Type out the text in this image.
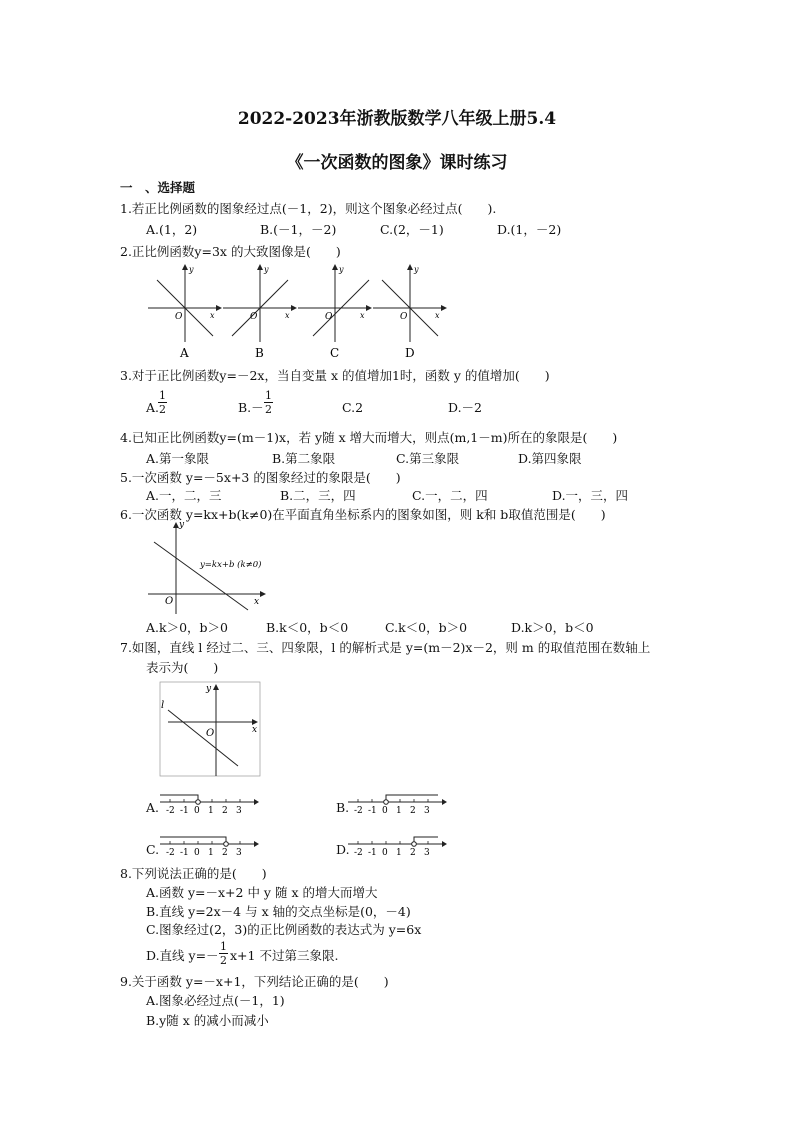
2022-2023年浙教版数学八年级上册5.4
《一次函数的图象》课时练习
一　、选择题
1.若正比例函数的图象经过点(－1，2)，则这个图象必经过点(　　).
A.(1，2)	B.(－1，－2)	C.(2，－1)	D.(1，－2)
2.正比例函数y=3x 的大致图像是(　　)
y
x
O
A
y
x
O
B
y
x
O
C
y
x
O
D
3.对于正比例函数y=－2x，当自变量 x 的值增加1时，函数 y 的值增加(　　)
A.
$\frac{1}{2}$	$B.- \frac{1}{2}$	C.2	D.－2
4.已知正比例函数y=(m－1)x，若 y随 x 增大而增大，则点(m,1－m)所在的象限是(　　)
A.第一象限	B.第二象限	C.第三象限	D.第四象限
5.一次函数 y=－5x+3 的图象经过的象限是(　　)
A.一，二，三	B.二，三，四	C.一，二，四	D.一，三，四
6.一次函数 y=kx+b(k≠0)在平面直角坐标系内的图象如图，则 k和 b取值范围是(　　)
y
x
O
y=kx+b (k≠0)
A.k＞0，b＞0	B.k＜0，b＜0	C.k＜0，b＞0	D.k＞0，b＜0
7.如图，直线 l 经过二、三、四象限，l 的解析式是 y=(m－2)x－2，则 m 的取值范围在数轴上
表示为(　　)
y
x
O
l
A. -2 -1 0 1 2 3	B. -2 -1 0 1 2 3
C. -2 -1 0 1 2 3	D. -2 -1 0 1 2 3
8.下列说法正确的是(　　)
A.函数 y=－x+2 中 y 随 x 的增大而增大
B.直线 y=2x－4 与 x 轴的交点坐标是(0，－4)
C.图象经过(2，3)的正比例函数的表达式为 y=6x
D.直线 $y=- \frac{1}{2} x+1$ 不过第三象限.
9.关于函数 y=－x+1，下列结论正确的是(　　)
A.图象必经过点(－1，1)
B.y随 x 的减小而减小
